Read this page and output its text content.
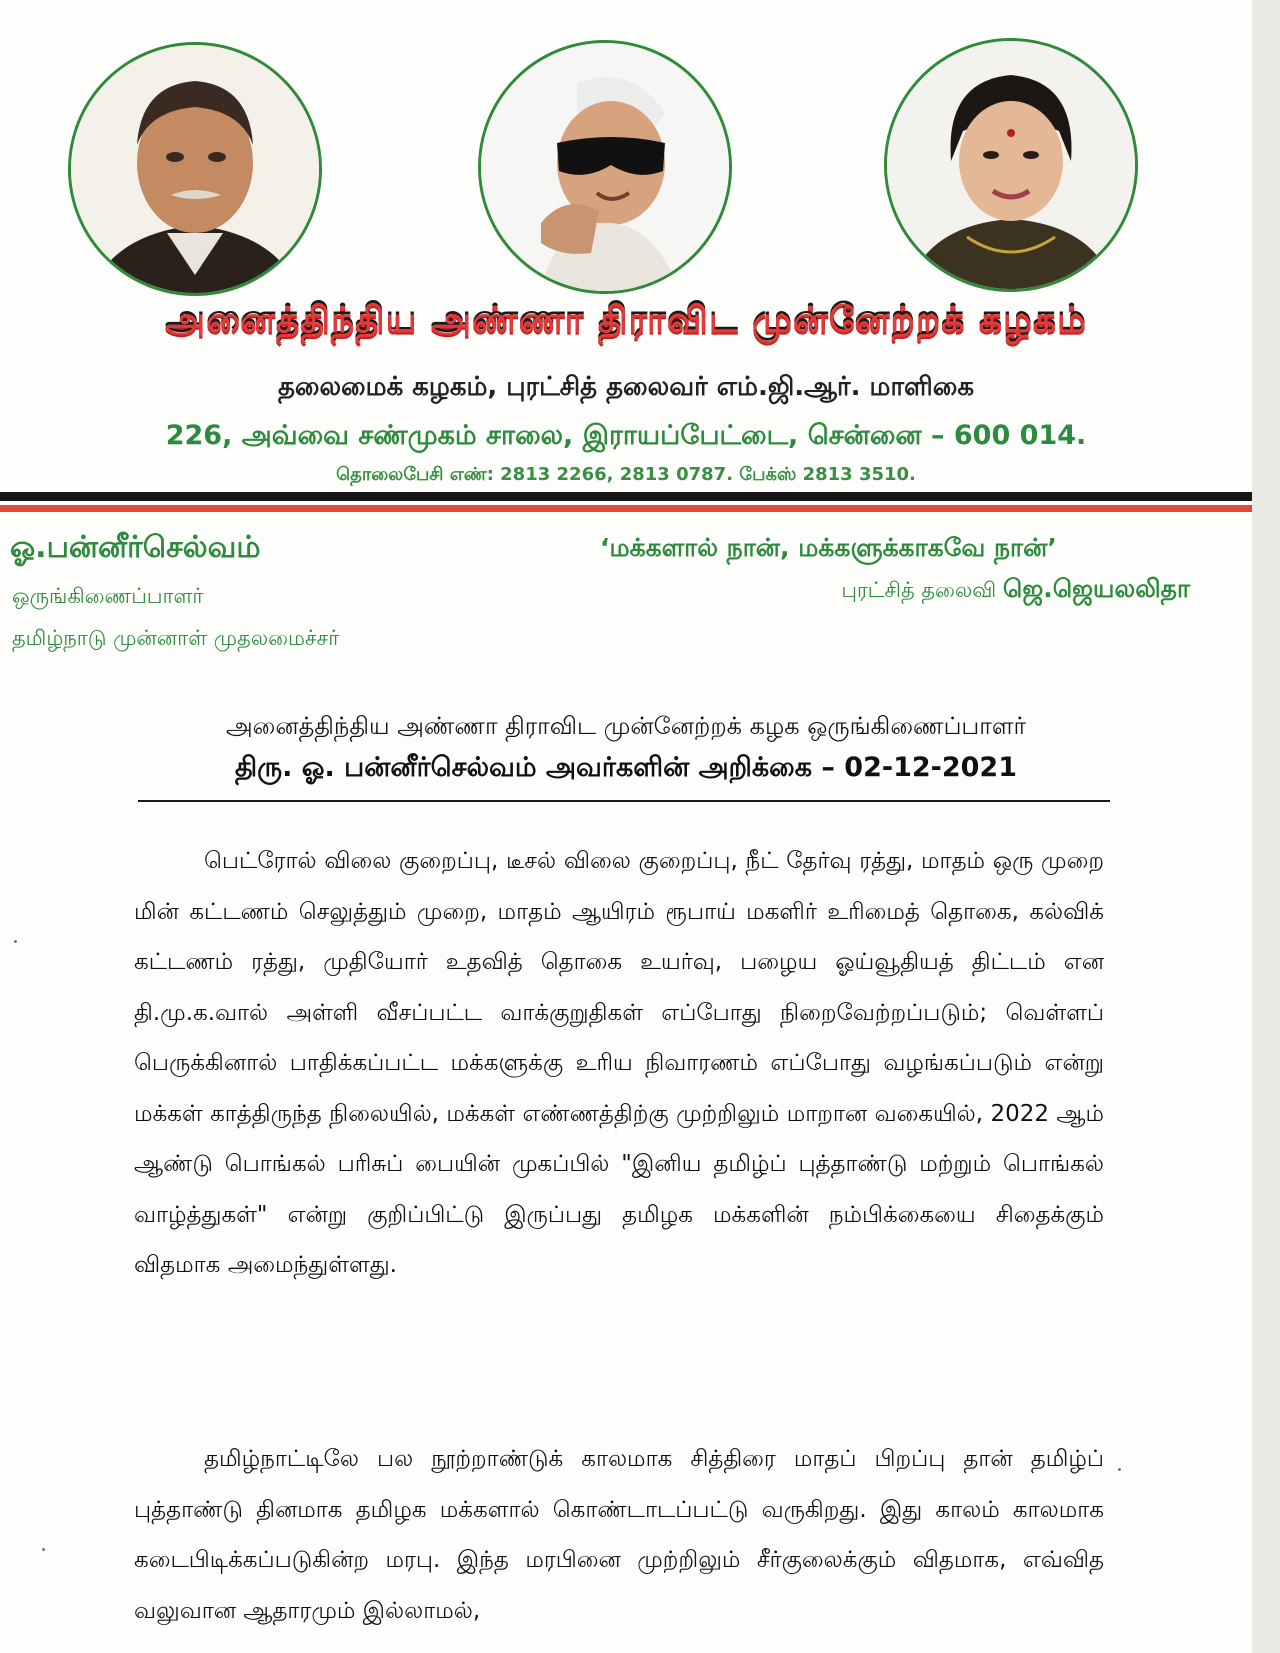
அனைத்திந்திய அண்ணா திராவிட முன்னேற்றக் கழகம்
தலைமைக் கழகம், புரட்சித் தலைவர் எம்.ஜி.ஆர். மாளிகை
226, அவ்வை சண்முகம் சாலை, இராயப்பேட்டை, சென்னை – 600 014.
தொலைபேசி எண்: 2813 2266, 2813 0787. பேக்ஸ் 2813 3510.
ஓ.பன்னீர்செல்வம்
ஒருங்கிணைப்பாளர்
தமிழ்நாடு முன்னாள் முதலமைச்சர்
‘மக்களால் நான், மக்களுக்காகவே நான்’
புரட்சித் தலைவி ஜெ.ஜெயலலிதா
அனைத்திந்திய அண்ணா திராவிட முன்னேற்றக் கழக ஒருங்கிணைப்பாளர்
திரு. ஓ. பன்னீர்செல்வம் அவர்களின் அறிக்கை – 02-12-2021

பெட்ரோல் விலை குறைப்பு, டீசல் விலை குறைப்பு, நீட் தேர்வு ரத்து, மாதம் ஒரு முறை மின் கட்டணம் செலுத்தும் முறை, மாதம் ஆயிரம் ரூபாய் மகளிர் உரிமைத் தொகை, கல்விக் கட்டணம் ரத்து, முதியோர் உதவித் தொகை உயர்வு, பழைய ஓய்வூதியத் திட்டம் என தி.மு.க.வால் அள்ளி வீசப்பட்ட வாக்குறுதிகள் எப்போது நிறைவேற்றப்படும்; வெள்ளப் பெருக்கினால் பாதிக்கப்பட்ட மக்களுக்கு உரிய நிவாரணம் எப்போது வழங்கப்படும் என்று மக்கள் காத்திருந்த நிலையில், மக்கள் எண்ணத்திற்கு முற்றிலும் மாறான வகையில், 2022 ஆம் ஆண்டு பொங்கல் பரிசுப் பையின் முகப்பில் "இனிய தமிழ்ப் புத்தாண்டு மற்றும் பொங்கல் வாழ்த்துகள்" என்று குறிப்பிட்டு இருப்பது தமிழக மக்களின் நம்பிக்கையை சிதைக்கும் விதமாக அமைந்துள்ளது.

தமிழ்நாட்டிலே பல நூற்றாண்டுக் காலமாக சித்திரை மாதப் பிறப்பு தான் தமிழ்ப் புத்தாண்டு தினமாக தமிழக மக்களால் கொண்டாடப்பட்டு வருகிறது. இது காலம் காலமாக கடைபிடிக்கப்படுகின்ற மரபு. இந்த மரபினை முற்றிலும் சீர்குலைக்கும் விதமாக, எவ்வித வலுவான ஆதாரமும் இல்லாமல்,
